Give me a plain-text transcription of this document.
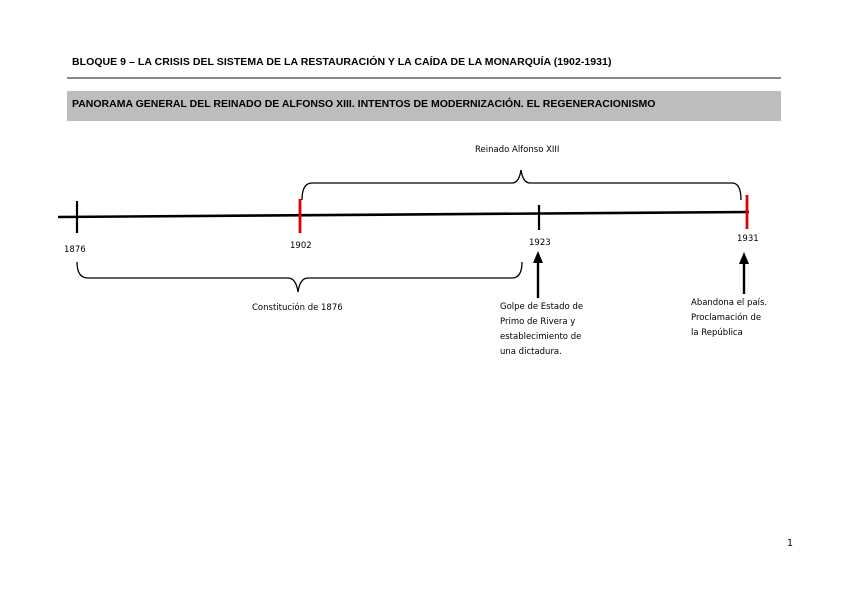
BLOQUE 9 – LA CRISIS DEL SISTEMA DE LA RESTAURACIÓN Y LA CAÍDA DE LA MONARQUÍA (1902-1931)
PANORAMA GENERAL DEL REINADO DE ALFONSO XIII. INTENTOS DE MODERNIZACIÓN. EL REGENERACIONISMO
1876	1902	1923	1931
Reinado Alfonso XIII
Constitución de 1876	Golpe de Estado de
Primo de Rivera y
establecimiento de
una dictadura.
Abandona el país.
Proclamación de
la República
1
